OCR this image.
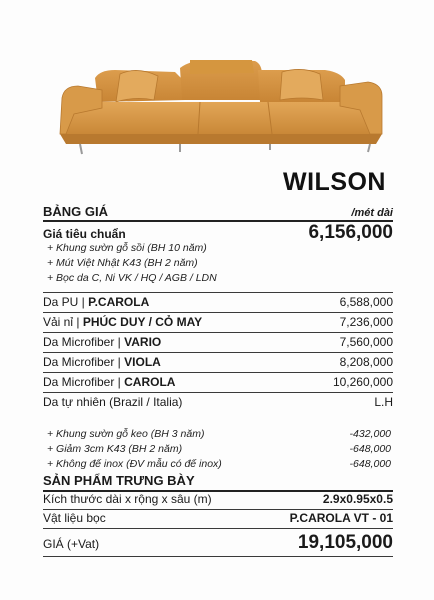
WILSON
BẢNG GIÁ	/mét dài
Giá tiêu chuẩn	6,156,000
+ Khung sườn gỗ sồi (BH 10 năm)
+ Mút Việt Nhật K43 (BH 2 năm)
+ Bọc da C, Ni VK / HQ / AGB / LDN
Da PU | P.CAROLA	6,588,000
Vải nỉ | PHÚC DUY / CỎ MAY	7,236,000
Da Microfiber | VARIO	7,560,000
Da Microfiber | VIOLA	8,208,000
Da Microfiber | CAROLA	10,260,000
Da tự nhiên (Brazil / Italia)	L.H
+ Khung sườn gỗ keo (BH 3 năm)	-432,000
+ Giảm 3cm K43 (BH 2 năm)	-648,000
+ Không đế inox (ĐV mẫu có đế inox)	-648,000
SẢN PHẨM TRƯNG BÀY
Kích thước dài x rộng x sâu (m)	2.9x0.95x0.5
Vật liệu bọc	P.CAROLA VT - 01
GIÁ (+Vat)	19,105,000
